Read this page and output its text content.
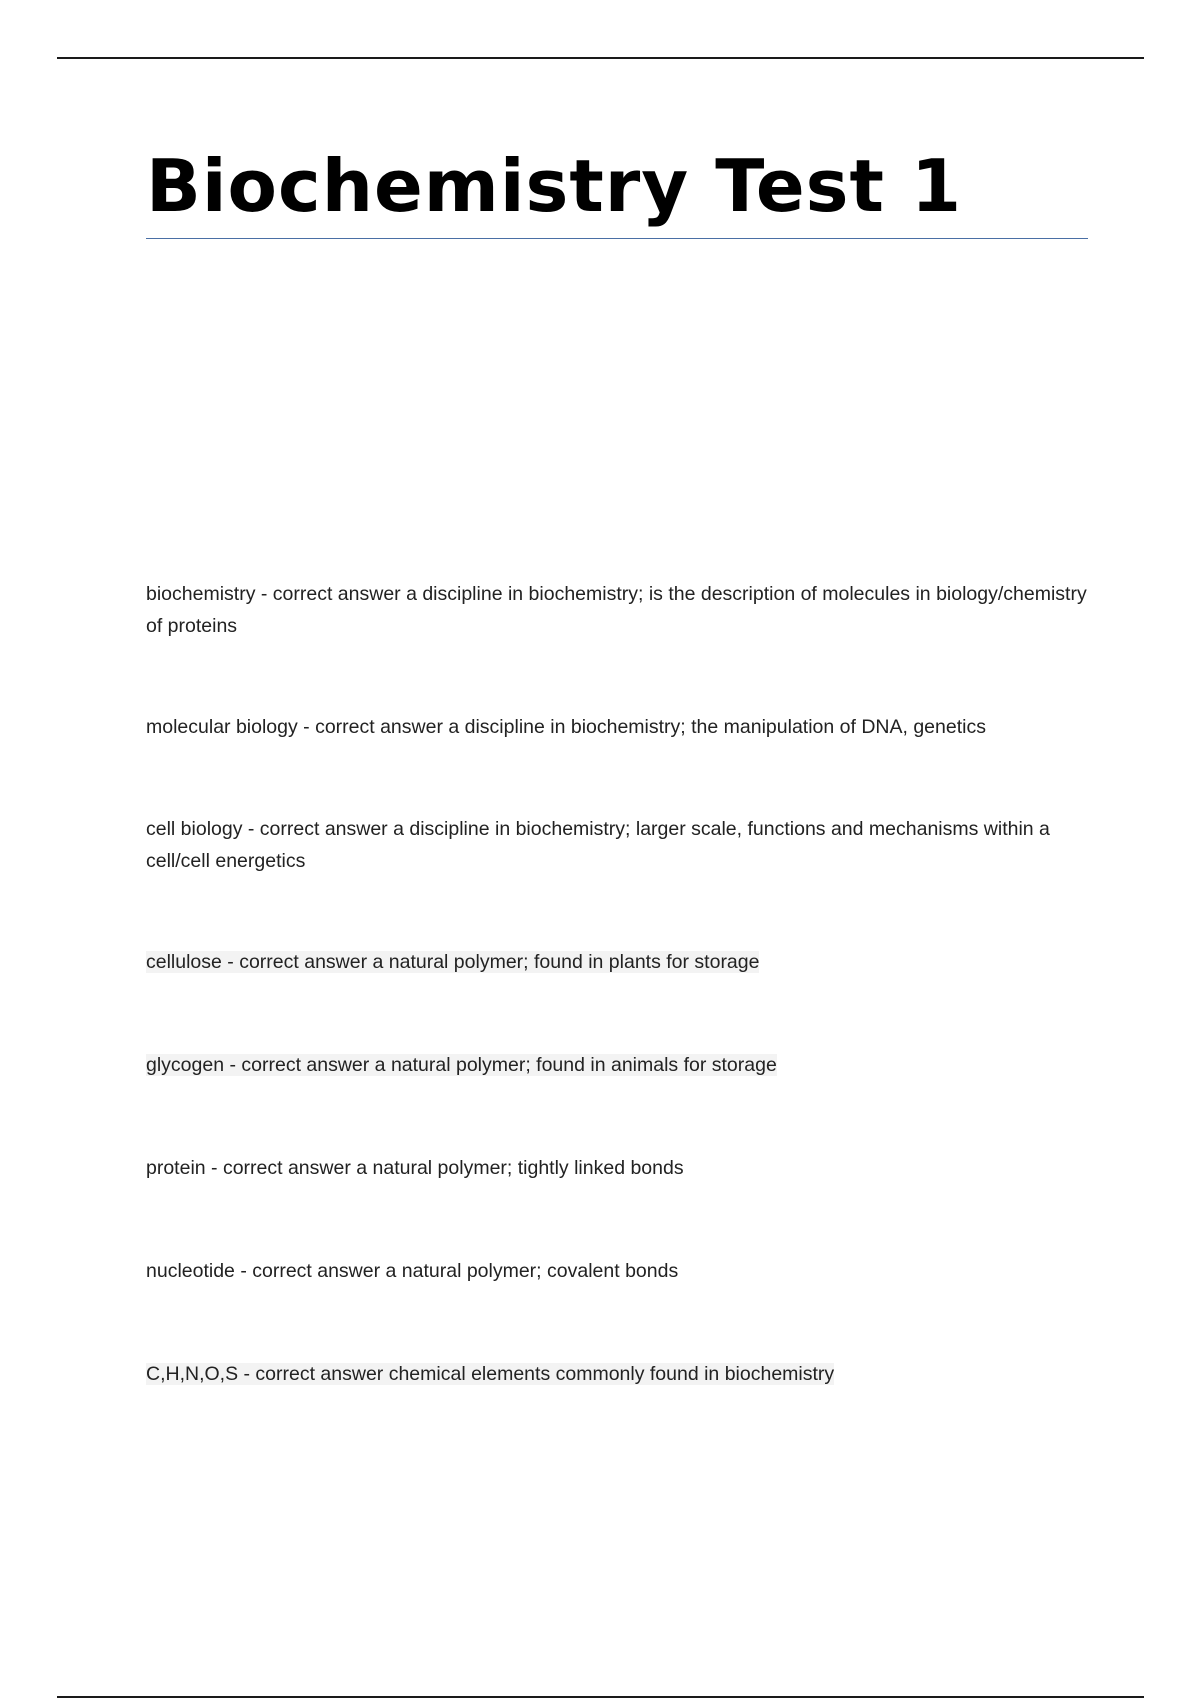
Biochemistry Test 1
biochemistry - correct answer a discipline in biochemistry; is the description of molecules in biology/chemistry of proteins
molecular biology - correct answer a discipline in biochemistry; the manipulation of DNA, genetics
cell biology - correct answer a discipline in biochemistry; larger scale, functions and mechanisms within a cell/cell energetics
cellulose - correct answer a natural polymer; found in plants for storage
glycogen - correct answer a natural polymer; found in animals for storage
protein - correct answer a natural polymer; tightly linked bonds
nucleotide - correct answer a natural polymer; covalent bonds
C,H,N,O,S - correct answer chemical elements commonly found in biochemistry
